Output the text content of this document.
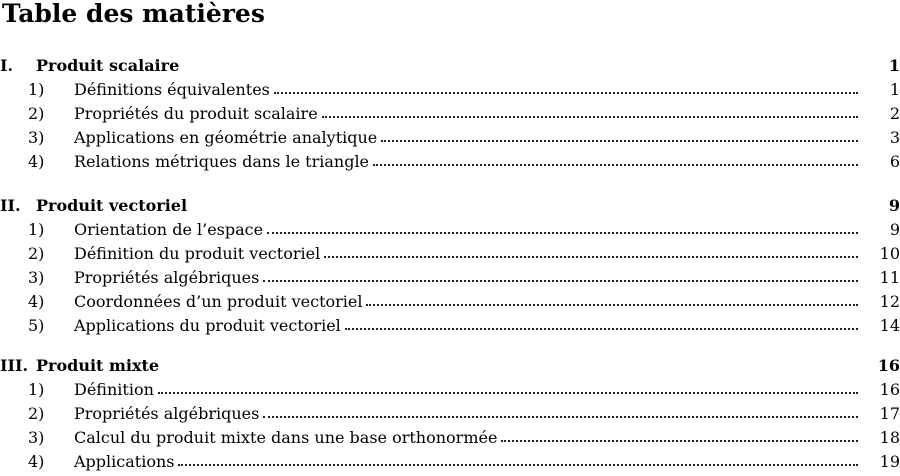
Table des matières
I.	Produit scalaire	1
1)	Définitions équivalentes	1
2)	Propriétés du produit scalaire	2
3)	Applications en géométrie analytique	3
4)	Relations métriques dans le triangle	6
II. Produit vectoriel	9
1)	Orientation de l’espace	9
2)	Définition du produit vectoriel	10
3)	Propriétés algébriques	11
4)	Coordonnées d’un produit vectoriel	12
5)	Applications du produit vectoriel	14
III. Produit mixte	16
1)	Définition	16
2)	Propriétés algébriques	17
3)	Calcul du produit mixte dans une base orthonormée	18
4)	Applications	19
